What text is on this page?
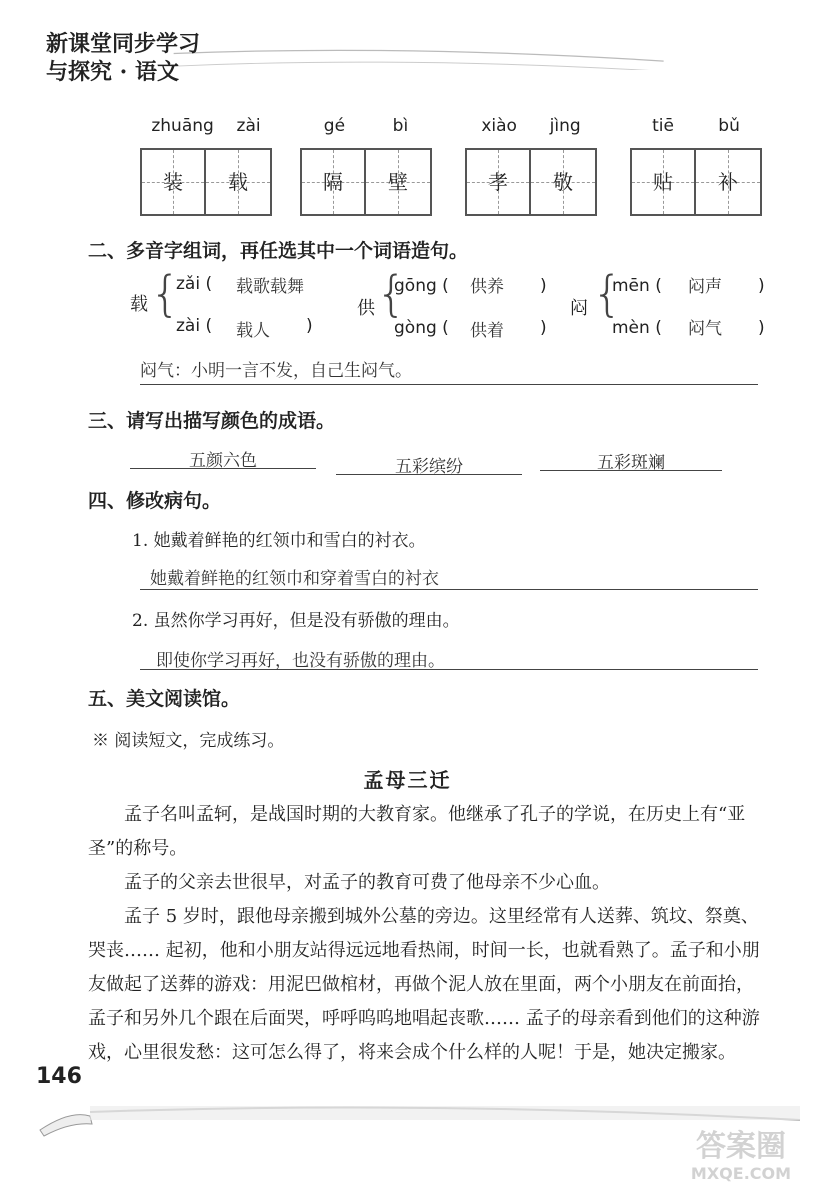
新课堂同步学习
与探究 · 语文
zhuāng zài
装	载
gé	bì
隔	壁
xiào jìng
孝	敬
tiē	bǔ
贴	补
二、多音字组词，再任选其中一个词语造句。
载 {
zǎi ( 载歌载舞
zài ( 载人 )
供 {
gōng ( 供养 )
gòng ( 供着 )
闷 {
mēn ( 闷声 )
mèn ( 闷气 )
闷气：小明一言不发，自己生闷气。
三、请写出描写颜色的成语。
五颜六色	五彩缤纷	五彩斑斓
四、修改病句。
1. 她戴着鲜艳的红领巾和雪白的衬衣。
她戴着鲜艳的红领巾和穿着雪白的衬衣
2. 虽然你学习再好，但是没有骄傲的理由。
即使你学习再好，也没有骄傲的理由。
五、美文阅读馆。
※ 阅读短文，完成练习。
孟母三迁

孟子名叫孟轲，是战国时期的大教育家。他继承了孔子的学说，在历史上有“亚圣”的称号。

孟子的父亲去世很早，对孟子的教育可费了他母亲不少心血。

孟子 5 岁时，跟他母亲搬到城外公墓的旁边。这里经常有人送葬、筑坟、祭奠、哭丧…… 起初，他和小朋友站得远远地看热闹，时间一长，也就看熟了。孟子和小朋友做起了送葬的游戏：用泥巴做棺材，再做个泥人放在里面，两个小朋友在前面抬，孟子和另外几个跟在后面哭，呼呼呜呜地唱起丧歌…… 孟子的母亲看到他们的这种游戏，心里很发愁：这可怎么得了，将来会成个什么样的人呢！于是，她决定搬家。

146
答案圈
MXQE.COM
